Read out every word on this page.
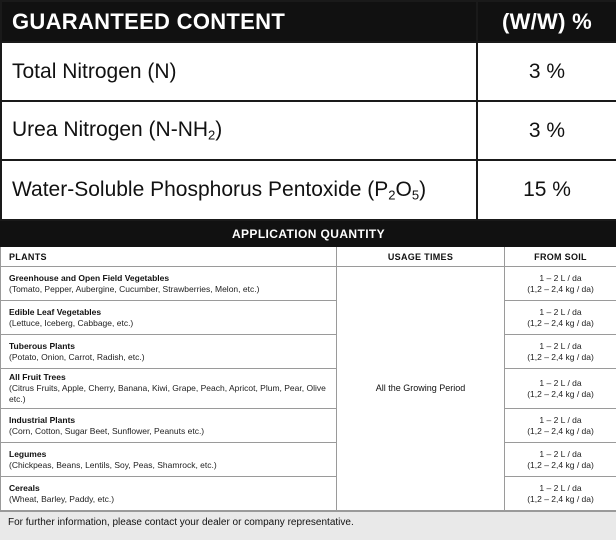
GUARANTEED CONTENT	(W/W) %
Total Nitrogen (N)	3 %
Urea Nitrogen $(N-NH_2)$	3 %
Water-Soluble Phosphorus Pentoxide $(P_2O_5)$	15 %
APPLICATION QUANTITY		
PLANTS	USAGE TIMES	FROM SOIL

Greenhouse and Open Field Vegetables
(Tomato, Pepper, Aubergine, Cucumber, Strawberries, Melon, etc.)	All the Growing Period	1 – 2 L / da
(1,2 – 2,4 kg / da)

Edible Leaf Vegetables
(Lettuce, Iceberg, Cabbage, etc.)		1 – 2 L / da
(1,2 – 2,4 kg / da)

Tuberous Plants
(Potato, Onion, Carrot, Radish, etc.)		1 – 2 L / da
(1,2 – 2,4 kg / da)

All Fruit Trees
(Citrus Fruits, Apple, Cherry, Banana, Kiwi, Grape, Peach, Apricot, Plum, Pear, Olive etc.)		1 – 2 L / da
(1,2 – 2,4 kg / da)

Industrial Plants
(Corn, Cotton, Sugar Beet, Sunflower, Peanuts etc.)		1 – 2 L / da
(1,2 – 2,4 kg / da)

Legumes
(Chickpeas, Beans, Lentils, Soy, Peas, Shamrock, etc.)		1 – 2 L / da
(1,2 – 2,4 kg / da)

Cereals
(Wheat, Barley, Paddy, etc.)		1 – 2 L / da
(1,2 – 2,4 kg / da)
For further information, please contact your dealer or company representative.
